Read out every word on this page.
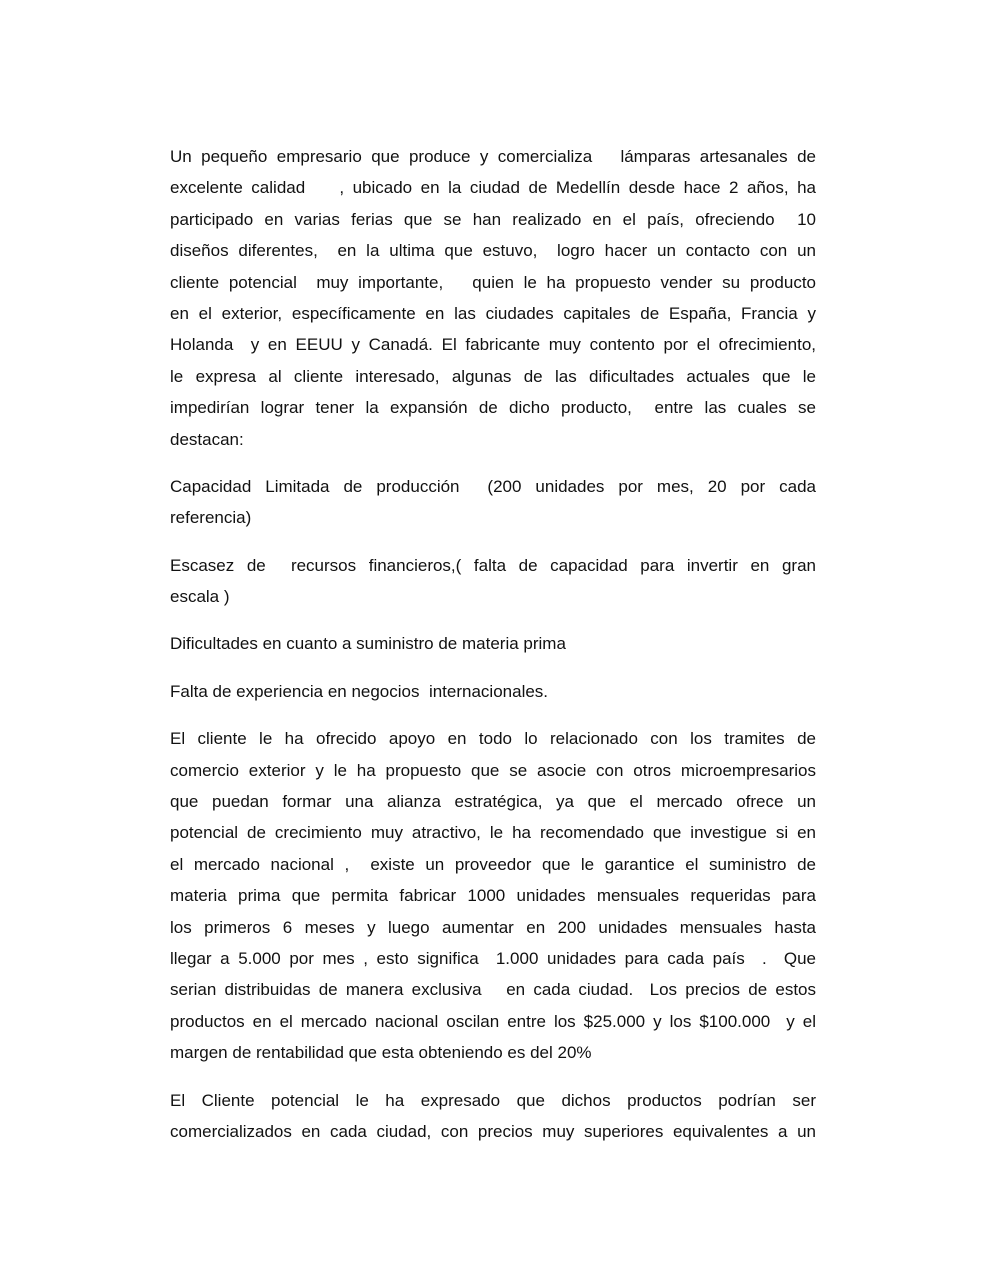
Un pequeño empresario que produce y comercializa   lámparas artesanales de
excelente calidad    , ubicado en la ciudad de Medellín desde hace 2 años, ha
participado en varias ferias que se han realizado en el país, ofreciendo  10
diseños diferentes,  en la ultima que estuvo,  logro hacer un contacto con un
cliente potencial  muy importante,   quien le ha propuesto vender su producto
en el exterior, específicamente en las ciudades capitales de España, Francia y
Holanda  y en EEUU y Canadá. El fabricante muy contento por el ofrecimiento,
le expresa al cliente interesado, algunas de las dificultades actuales que le
impedirían lograr tener la expansión de dicho producto,  entre las cuales se
destacan:
Capacidad Limitada de producción  (200 unidades por mes, 20 por cada
referencia)
Escasez de  recursos financieros,( falta de capacidad para invertir en gran
escala )
Dificultades en cuanto a suministro de materia prima
Falta de experiencia en negocios  internacionales.
El cliente le ha ofrecido apoyo en todo lo relacionado con los tramites de
comercio exterior y le ha propuesto que se asocie con otros microempresarios
que puedan formar una alianza estratégica, ya que el mercado ofrece un
potencial de crecimiento muy atractivo, le ha recomendado que investigue si en
el mercado nacional ,  existe un proveedor que le garantice el suministro de
materia prima que permita fabricar 1000 unidades mensuales requeridas para
los primeros 6 meses y luego aumentar en 200 unidades mensuales hasta
llegar a 5.000 por mes , esto significa  1.000 unidades para cada país  .  Que
serian distribuidas de manera exclusiva   en cada ciudad.  Los precios de estos
productos en el mercado nacional oscilan entre los $25.000 y los $100.000  y el
margen de rentabilidad que esta obteniendo es del 20%
El Cliente potencial le ha expresado que dichos productos podrían ser
comercializados en cada ciudad, con precios muy superiores equivalentes a un
